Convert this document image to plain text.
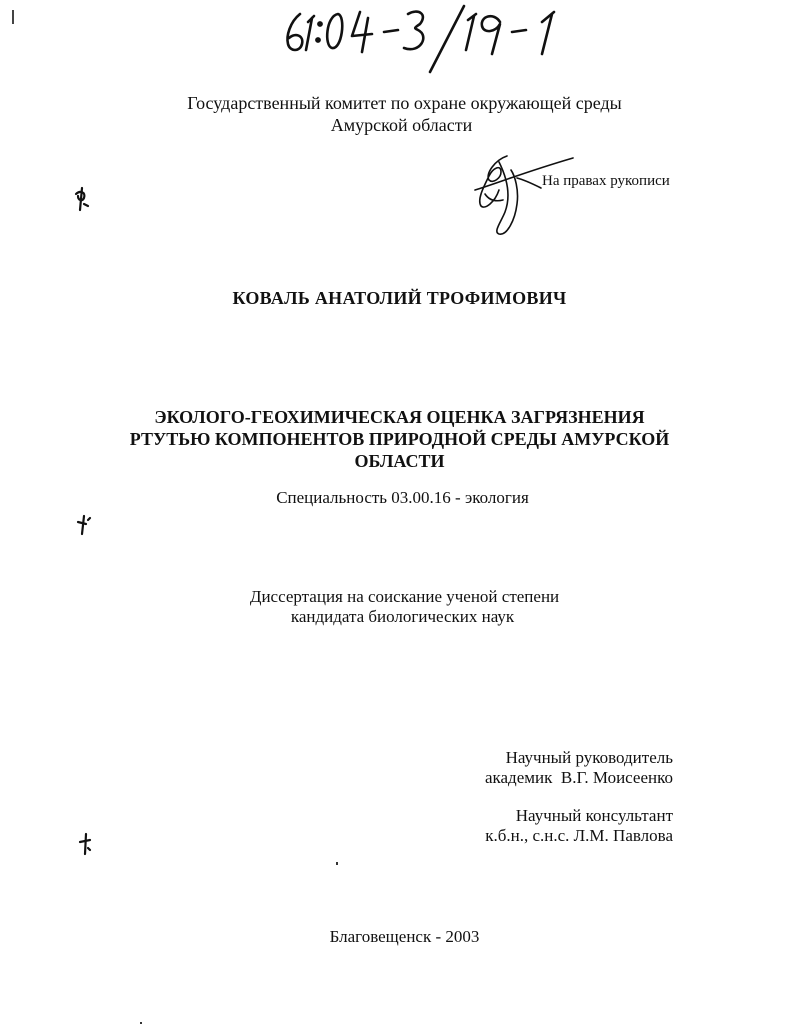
Государственный комитет по охране окружающей среды
Амурской области
На правах рукописи
КОВАЛЬ АНАТОЛИЙ ТРОФИМОВИЧ
ЭКОЛОГО-ГЕОХИМИЧЕСКАЯ ОЦЕНКА ЗАГРЯЗНЕНИЯ
РТУТЬЮ КОМПОНЕНТОВ ПРИРОДНОЙ СРЕДЫ АМУРСКОЙ
ОБЛАСТИ
Специальность 03.00.16 - экология
Диссертация на соискание ученой степени
кандидата биологических наук
Научный руководитель
академик  В.Г. Моисеенко
Научный консультант
к.б.н., с.н.с. Л.М. Павлова
Благовещенск - 2003
